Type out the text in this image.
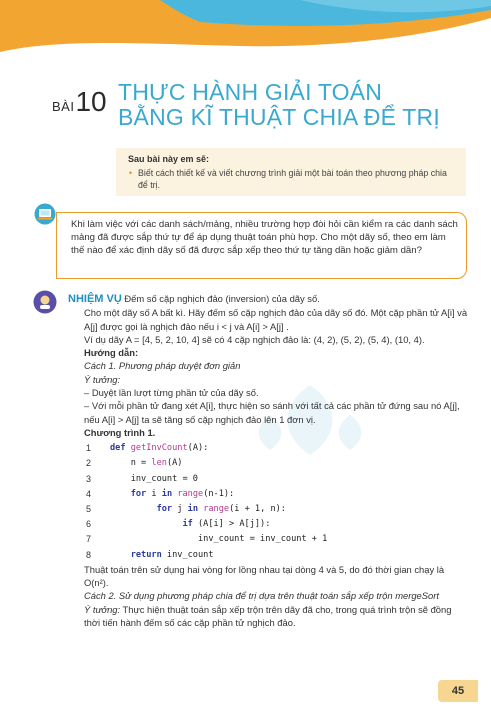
BÀI10 THỰC HÀNH GIẢI TOÁN
BẰNG KĨ THUẬT CHIA ĐỂ TRỊ
Sau bài này em sẽ:
• Biết cách thiết kế và viết chương trình giải một bài toán theo phương pháp chia để trị.
Khi làm việc với các danh sách/mảng, nhiều trường hợp đòi hỏi cần kiểm ra các danh sách mảng đã được sắp thứ tự để áp dụng thuật toán phù hợp. Cho một dãy số, theo em làm thế nào để xác định dãy số đã được sắp xếp theo thứ tự tăng dần hoặc giảm dần?

NHIỆM VỤ Đếm số cặp nghịch đảo (inversion) của dãy số.

Cho một dãy số A bất kì. Hãy đếm số cặp nghịch đảo của dãy số đó. Một cặp phần tử A[i] và A[j] được gọi là nghịch đảo nếu i < j và A[i] > A[j] .

Ví dụ dãy A = [4, 5, 2, 10, 4] sẽ có 4 cặp nghịch đảo là: (4, 2), (5, 2), (5, 4), (10, 4).

Hướng dẫn:

Cách 1. Phương pháp duyệt đơn giản

Ý tưởng:

– Duyệt lần lượt từng phần tử của dãy số.

– Với mỗi phần tử đang xét A[i], thực hiện so sánh với tất cả các phần tử đứng sau nó A[j], nếu A[i] > A[j] ta sẽ tăng số cặp nghịch đảo lên 1 đơn vị.

Chương trình 1.

1	def getInvCount(A):
2	n = len(A)
3	inv_count = 0
4	for i in range(n-1):
5	for j in range(i + 1, n):
6	if (A[i] > A[j]):
7	inv_count = inv_count + 1
8	return inv_count

Thuật toán trên sử dụng hai vòng for lồng nhau tại dòng 4 và 5, do đó thời gian chạy là O(n²).

Cách 2. Sử dụng phương pháp chia để trị dựa trên thuật toán sắp xếp trộn mergeSort

Ý tưởng: Thực hiện thuật toán sắp xếp trộn trên dãy đã cho, trong quá trình trộn sẽ đồng thời tiến hành đếm số các cặp phần tử nghịch đảo.

45
